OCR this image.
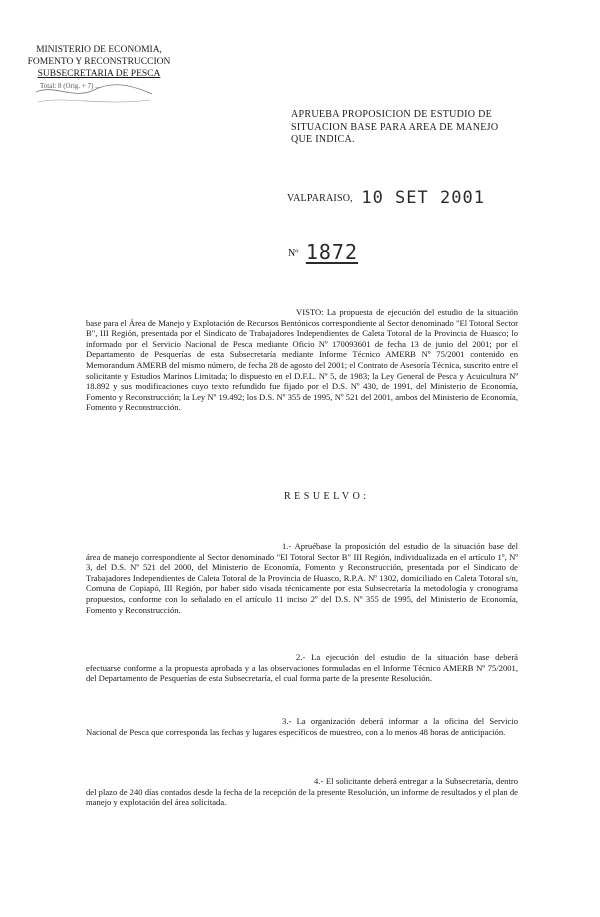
MINISTERIO DE ECONOMIA,
FOMENTO Y RECONSTRUCCION
SUBSECRETARIA DE PESCA
Total: 8 (Orig. + 7) ...
APRUEBA PROPOSICION DE ESTUDIO DE
SITUACION BASE PARA AREA DE MANEJO
QUE INDICA.
VALPARAISO, 10 SET 2001
Nº 1872

VISTO: La propuesta de ejecución del estudio de la situación base para el Área de Manejo y Explotación de Recursos Bentónicos correspondiente al Sector denominado "El Totoral Sector B", III Región, presentada por el Sindicato de Trabajadores Independientes de Caleta Totoral de la Provincia de Huasco; lo informado por el Servicio Nacional de Pesca mediante Oficio Nº 170093601 de fecha 13 de junio del 2001; por el Departamento de Pesquerías de esta Subsecretaría mediante Informe Técnico AMERB Nº 75/2001 contenido en Memorandum AMERB del mismo número, de fecha 28 de agosto del 2001; el Contrato de Asesoría Técnica, suscrito entre el solicitante y Estudios Marinos Limitada; lo dispuesto en el D.F.L. Nº 5, de 1983; la Ley General de Pesca y Acuicultura Nº 18.892 y sus modificaciones cuyo texto refundido fue fijado por el D.S. Nº 430, de 1991, del Ministerio de Economía, Fomento y Reconstrucción; la Ley Nº 19.492; los D.S. Nº 355 de 1995, Nº 521 del 2001, ambos del Ministerio de Economía, Fomento y Reconstrucción.

RESUELVO:

1.- Apruébase la proposición del estudio de la situación base del área de manejo correspondiente al Sector denominado "El Totoral Sector B" III Región, individualizada en el artículo 1º, Nº 3, del D.S. Nº 521 del 2000, del Ministerio de Economía, Fomento y Reconstrucción, presentada por el Sindicato de Trabajadores Independientes de Caleta Totoral de la Provincia de Huasco, R.P.A. Nº 1302, domiciliado en Caleta Totoral s/n, Comuna de Copiapó, III Región, por haber sido visada técnicamente por esta Subsecretaría la metodología y cronograma propuestos, conforme con lo señalado en el artículo 11 inciso 2º del D.S. Nº 355 de 1995, del Ministerio de Economía, Fomento y Reconstrucción.

2.- La ejecución del estudio de la situación base deberá efectuarse conforme a la propuesta aprobada y a las observaciones formuladas en el Informe Técnico AMERB Nº 75/2001, del Departamento de Pesquerías de esta Subsecretaría, el cual forma parte de la presente Resolución.

3.- La organización deberá informar a la oficina del Servicio Nacional de Pesca que corresponda las fechas y lugares específicos de muestreo, con a lo menos 48 horas de anticipación.

4.- El solicitante deberá entregar a la Subsecretaría, dentro del plazo de 240 días contados desde la fecha de la recepción de la presente Resolución, un informe de resultados y el plan de manejo y explotación del área solicitada.
